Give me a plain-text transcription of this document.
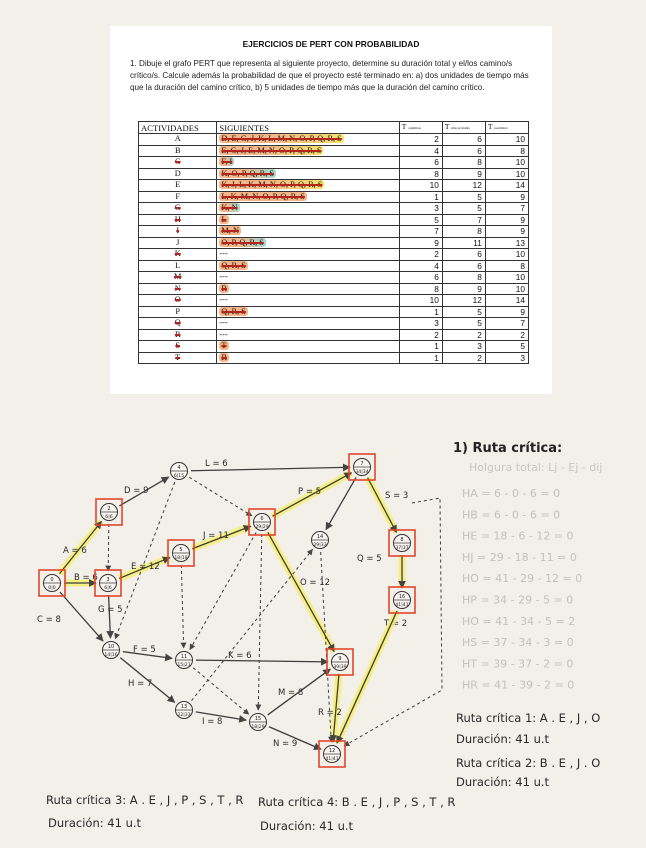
EJERCICIOS DE PERT CON PROBABILIDAD
1. Dibuje el grafo PERT que representa al siguiente proyecto, determine su duración total y el/los camino/s crítico/s. Calcule además la probabilidad de que el proyecto esté terminado en: a) dos unidades de tiempo más que la duración del camino crítico, b) 5 unidades de tiempo más que la duración del camino crítico.
ACTIVIDADES	SIGUIENTES	T optimista	T más probable	T pesimista
A	D, E, G, J, K, L, M, N, O, P, Q, R, S	2	6	10
B	E, G, J, E, M, N, O, P, Q, R, S	4	6	8
C	F, I	6	8	10
D	K, O, P, Q, R, S	8	9	10
E	K, J, L, K, M, N, O, P, Q, R, S	10	12	14
F	L, K, M, N, O, P, Q, R, S	1	5	9
G	K, N	3	5	7
H	L	5	7	9
I	M, N	7	8	9
J	O, P, Q, R, S	9	11	13
K	---	2	6	10
L	Q, R, S	4	6	8
M	---	6	8	10
N	R	8	9	10
O	---	10	12	14
P	Q, R, S	1	5	9
Q	---	3	5	7
R	---	2	2	2
S	T	1	3	5
T	R	1	2	3
A = 6
B = 6
C = 8
D = 9
E = 12
G = 5
F = 5
H = 7
L = 6
J = 11
P = 5
O = 12
S = 3
Q = 5
T = 2
K = 6
I = 8
M = 8
N = 9
R = 2
0
0|0
2
6|6
3
6|6
4
6|15
5
18|18
6
29|29
7
34|34
8
37|37
9
39|39
10
14|16	11
15|21
12
41|41
13
22|33
14
29|33
15
18|29
16
41|41
1) Ruta crítica:
Holgura total: Lj - Ej - dij
HA = 6 - 0 - 6 = 0
HB = 6 - 0 - 6 = 0
HE = 18 - 6 - 12 = 0
HJ = 29 - 18 - 11 = 0
HO = 41 - 29 - 12 = 0
HP = 34 - 29 - 5 = 0
HO = 41 - 34 - 5 = 2
HS = 37 - 34 - 3 = 0
HT = 39 - 37 - 2 = 0
HR = 41 - 39 - 2 = 0
Ruta crítica 1: A . E , J , O
Duración: 41 u.t
Ruta crítica 2: B . E , J . O
Duración: 41 u.t
Ruta crítica 3: A . E , J , P , S , T , R
Duración: 41 u.t
Ruta crítica 4: B . E , J , P , S , T , R
Duración: 41 u.t
